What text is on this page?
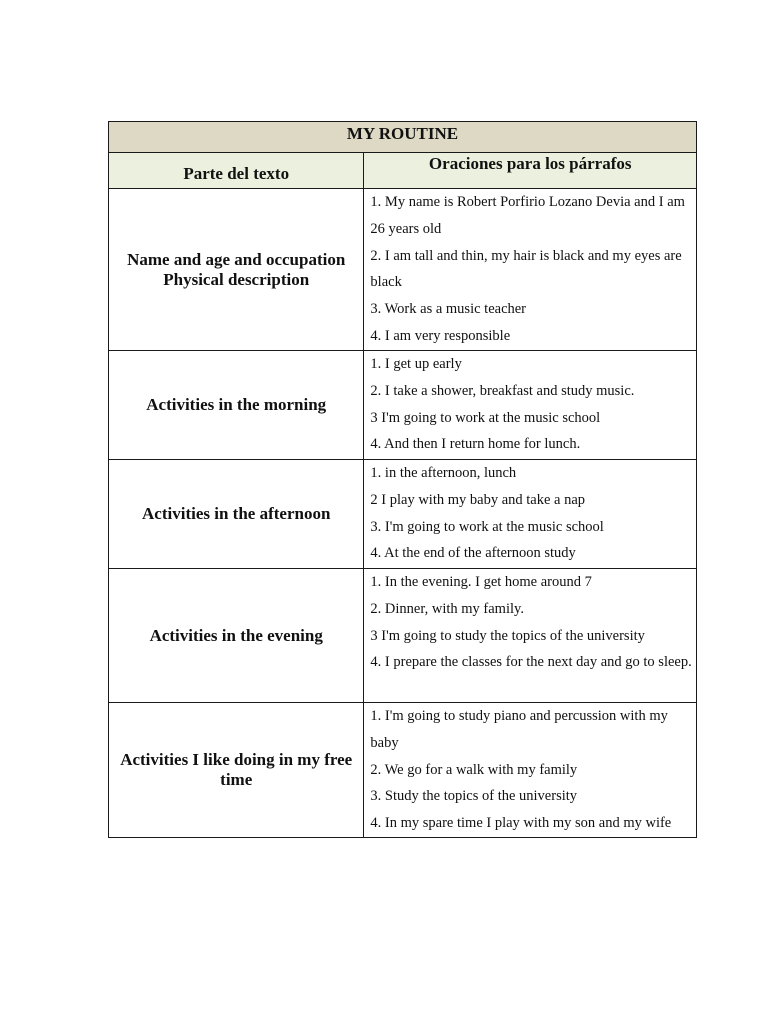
MY ROUTINE	
Parte del texto	Oraciones para los párrafos
Name and age and occupation
Physical description	1. My name is Robert Porfirio Lozano Devia and I am 26 years old
2. I am tall and thin, my hair is black and my eyes are black
3. Work as a music teacher
4. I am very responsible

Activities in the morning	1. I get up early
2. I take a shower, breakfast and study music.
3 I'm going to work at the music school
4. And then I return home for lunch.

Activities in the afternoon	1. in the afternoon, lunch
2 I play with my baby and take a nap
3. I'm going to work at the music school
4. At the end of the afternoon study

Activities in the evening	1. In the evening. I get home around 7
2. Dinner, with my family.
3 I'm going to study the topics of the university
4. I prepare the classes for the next day and go to sleep.

Activities I like doing in my free time	1. I'm going to study piano and percussion with my baby
2. We go for a walk with my family
3. Study the topics of the university
4. In my spare time I play with my son and my wife
